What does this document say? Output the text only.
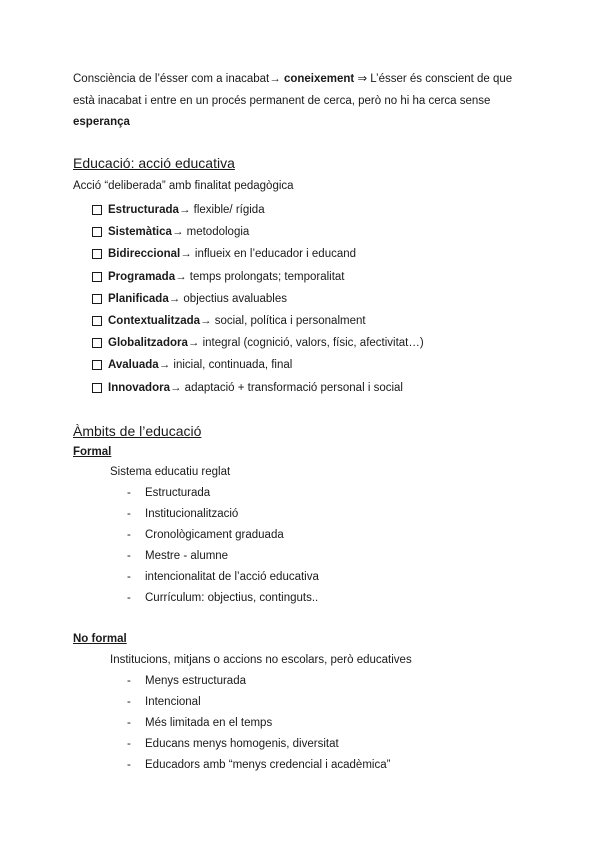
Consciència de l’ésser com a inacabat→ coneixement ⇒ L’ésser és conscient de que està inacabat i entre en un procés permanent de cerca, però no hi ha cerca sense esperança

Educació: acció educativa
Acció “deliberada” amb finalitat pedagògica
Estructurada → flexible/ rígida
Sistemàtica → metodologia
Bidireccional → influeix en l’educador i educand
Programada → temps prolongats; temporalitat
Planificada → objectius avaluables
Contextualitzada → social, política i personalment
Globalitzadora → integral (cognició, valors, físic, afectivitat…)
Avaluada → inicial, continuada, final
Innovadora → adaptació + transformació personal i social
Àmbits de l’educació
Formal
Sistema educatiu reglat
-	Estructurada
-	Institucionalització
-	Cronològicament graduada
-	Mestre - alumne
-	intencionalitat de l’acció educativa
-	Currículum: objectius, continguts..
No formal
Institucions, mitjans o accions no escolars, però educatives
-	Menys estructurada
-	Intencional
-	Més limitada en el temps
-	Educans menys homogenis, diversitat
-	Educadors amb “menys credencial i acadèmica”
